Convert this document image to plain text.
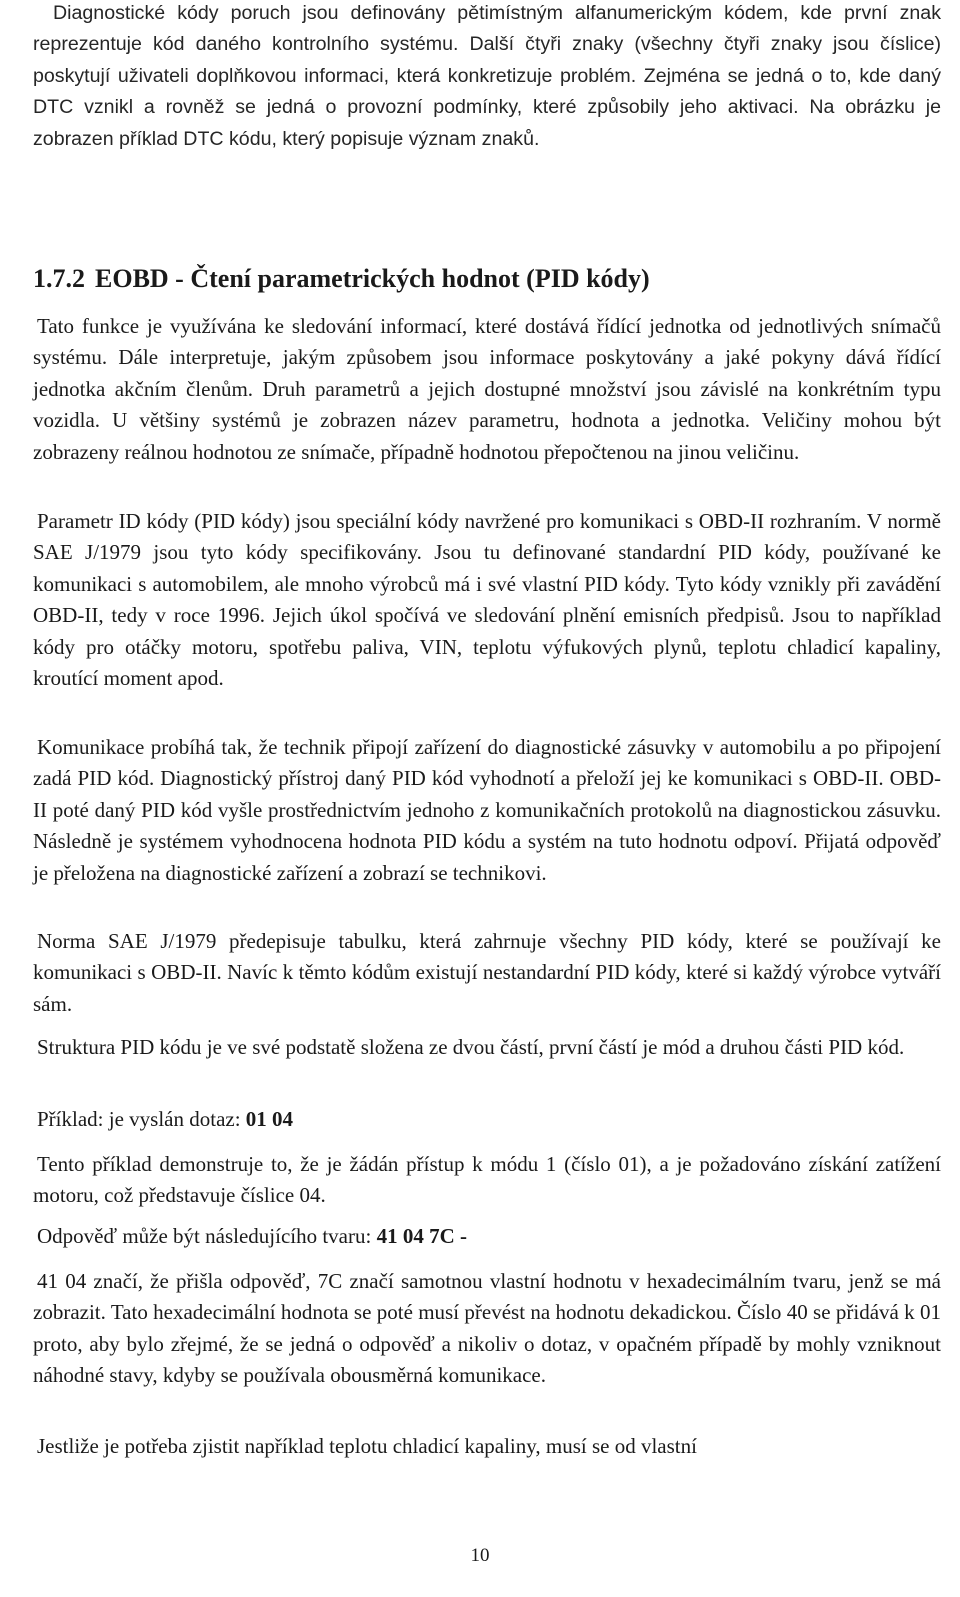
Diagnostické kódy poruch jsou definovány pětimístným alfanumerickým kódem, kde první znak reprezentuje kód daného kontrolního systému. Další čtyři znaky (všechny čtyři znaky jsou číslice) poskytují uživateli doplňkovou informaci, která konkretizuje problém. Zejména se jedná o to, kde daný DTC vznikl a rovněž se jedná o provozní podmínky, které způsobily jeho aktivaci. Na obrázku je zobrazen příklad DTC kódu, který popisuje význam znaků.

1.7.2 EOBD - Čtení parametrických hodnot (PID kódy)

Tato funkce je využívána ke sledování informací, které dostává řídící jednotka od jednotlivých snímačů systému. Dále interpretuje, jakým způsobem jsou informace poskytovány a jaké pokyny dává řídící jednotka akčním členům. Druh parametrů a jejich dostupné množství jsou závislé na konkrétním typu vozidla. U většiny systémů je zobrazen název parametru, hodnota a jednotka. Veličiny mohou být zobrazeny reálnou hodnotou ze snímače, případně hodnotou přepočtenou na jinou veličinu.

Parametr ID kódy (PID kódy) jsou speciální kódy navržené pro komunikaci s OBD-II rozhraním. V normě SAE J/1979 jsou tyto kódy specifikovány. Jsou tu definované standardní PID kódy, používané ke komunikaci s automobilem, ale mnoho výrobců má i své vlastní PID kódy. Tyto kódy vznikly při zavádění OBD-II, tedy v roce 1996. Jejich úkol spočívá ve sledování plnění emisních předpisů. Jsou to například kódy pro otáčky motoru, spotřebu paliva, VIN, teplotu výfukových plynů, teplotu chladicí kapaliny, kroutící moment apod.

Komunikace probíhá tak, že technik připojí zařízení do diagnostické zásuvky v automobilu a po připojení zadá PID kód. Diagnostický přístroj daný PID kód vyhodnotí a přeloží jej ke komunikaci s OBD-II. OBD-II poté daný PID kód vyšle prostřednictvím jednoho z komunikačních protokolů na diagnostickou zásuvku. Následně je systémem vyhodnocena hodnota PID kódu a systém na tuto hodnotu odpoví. Přijatá odpověď je přeložena na diagnostické zařízení a zobrazí se technikovi.

Norma SAE J/1979 předepisuje tabulku, která zahrnuje všechny PID kódy, které se používají ke komunikaci s OBD-II. Navíc k těmto kódům existují nestandardní PID kódy, které si každý výrobce vytváří sám.

Struktura PID kódu je ve své podstatě složena ze dvou částí, první částí je mód a druhou části PID kód.

Příklad: je vyslán dotaz: 01 04

Tento příklad demonstruje to, že je žádán přístup k módu 1 (číslo 01), a je požadováno získání zatížení motoru, což představuje číslice 04.

Odpověď může být následujícího tvaru: 41 04 7C -

41 04 značí, že přišla odpověď, 7C značí samotnou vlastní hodnotu v hexadecimálním tvaru, jenž se má zobrazit. Tato hexadecimální hodnota se poté musí převést na hodnotu dekadickou. Číslo 40 se přidává k 01 proto, aby bylo zřejmé, že se jedná o odpověď a nikoliv o dotaz, v opačném případě by mohly vzniknout náhodné stavy, kdyby se používala obousměrná komunikace.

Jestliže je potřeba zjistit například teplotu chladicí kapaliny, musí se od vlastní

10
